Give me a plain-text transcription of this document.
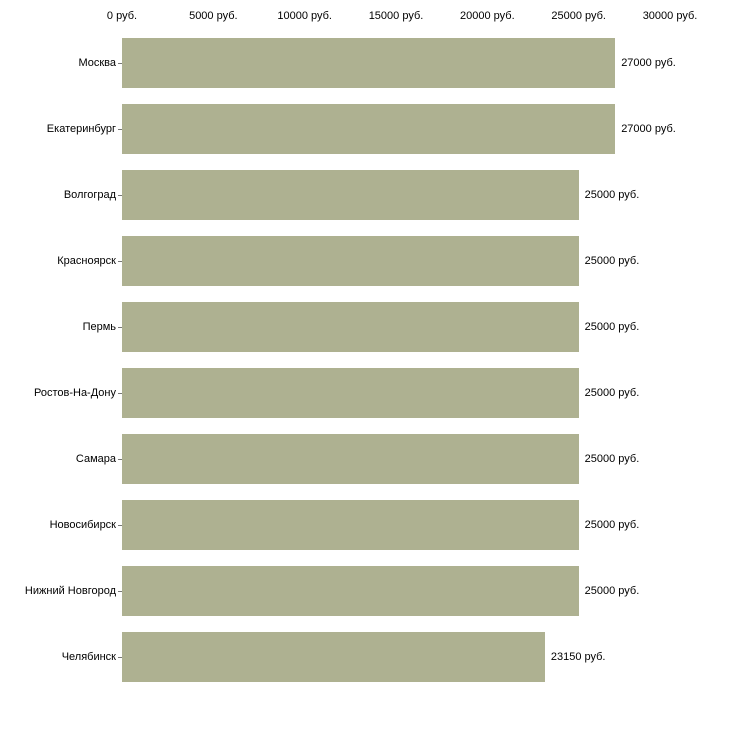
0 руб.	5000 руб.	10000 руб.	15000 руб.	20000 руб.	25000 руб.	30000 руб.
Москва
Екатеринбург
Волгоград
Красноярск
Пермь
Ростов-На-Дону
Самара
Новосибирск
Нижний Новгород
Челябинск
27000 руб.
27000 руб.
25000 руб.
25000 руб.
25000 руб.
25000 руб.
25000 руб.
25000 руб.
25000 руб.
23150 руб.
